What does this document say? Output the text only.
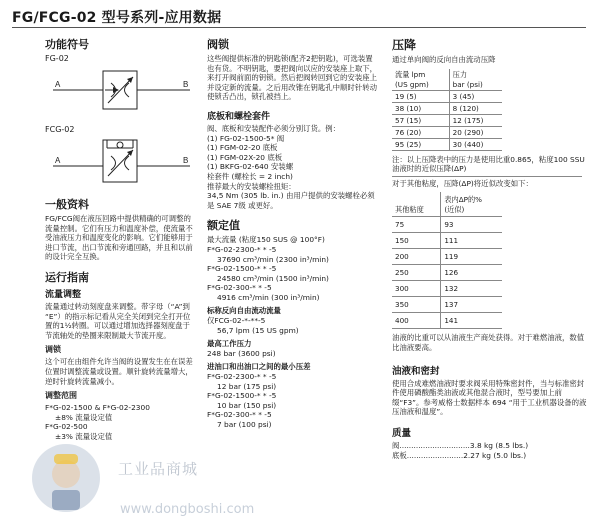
FG/FCG-02 型号系列-应用数据
功能符号
FG-02
A	B
FCG-02
A	B
一般资料

FG/FCG阀在液压回路中提供精确的可调整的流量控制。它们有压力和温度补偿，使流量不受油液压力和温度变化的影响。它们能够用于进口节流，出口节流和旁通回路，并且和以前的设计完全互换。

运行指南
流量调整

流量通过转动刻度盘来调整。带字母（“A”到 “E”）的指示标记看从完全关闭到完全打开位置的1½转圈。可以通过增加选择器刻度盘于节流轴处的垫圈来限制最大节流开度。

调锁

这个可在由组件允许当阀的设置发生在在误差位置时调整流量或设置。顺针旋转流量增大，逆时针旋转流量减小。

调整范围

F*G-02-1500 & F*G-02-2300

±8% 流量设定值

F*G-02-500

±3% 流量设定值

阀锁

这些阀提供标准的钥匙锁(配齐2把钥匙)，可选装置也有货。不明钥匙，要把阀向以应的安装座上取下，来打开阀前面的钥锁。然后把阀转回到它的安装座上并设定新的流量。之后用改锥在钥匙孔中顺时针转动使锁舌凸出，锁孔被挡上。

底板和螺栓套件

阀、底板和安装配件必须分别订货。例：

(1) FG-02-1500-5* 阀

(1) FGM-02-20 底板

(1) FGM-02X-20 底板

(1) BKFG-02-640 安装螺

栓套件 (螺栓长 = 2 inch)

推荐最大的安装螺栓扭矩：

34,5 Nm (305 lb. in.) 由用户提供的安装螺栓必须是 SAE 7级 或更好。

额定值

最大流量 (粘度150 SUS @ 100°F)

F*G-02-2300-* * -5

37690 cm³/min (2300 in³/min)

F*G-02-1500-* * -5

24580 cm³/min (1500 in³/min)

F*G-02-300-* * -5

4916 cm³/min (300 in³/min)

标称反向自由流动流量

仅FCG-02-*-**-5

56,7 lpm (15 US gpm)

最高工作压力

248 bar (3600 psi)

进油口和出油口之间的最小压差

F*G-02-2300-* * -5

12 bar (175 psi)

F*G-02-1500-* * -5

10 bar (150 psi)

F*G-02-300-* * -5

7 bar (100 psi)

压降

通过单向阀的反向自由流动压降

流量 lpm
(US gpm)	压力
bar (psi)
19 (5)	3 (45)
38 (10)	8 (120)
57 (15)	12 (175)
76 (20)	20 (290)
95 (25)	30 (440)

注：以上压降表中的压力是使用比重0.865，粘度100 SSU油液时的近似压降(ΔP)

对于其他粘度，压降(ΔP)将近似改变如下：

其他粘度	表内ΔP的%
(近似)
75	93
150	111
200	119
250	126
300	132
350	137
400	141

油液的比重可以从油液生产商处获得。对于难燃油液，数值比油液要高。

油液和密封

使用合成难燃油液时要求阀采用特殊密封件，当与标准密封件使用磷酸酯类油液或其他混合液时，型号要加上前缀“F3”。参考威格士数据样本 694 “用于工业机器设备的液压油液和温度”。

质量

阀..............................3.8 kg (8.5 lbs.)

底板........................2.27 kg (5.0 lbs.)

工业品商城
www.dongboshi.com
